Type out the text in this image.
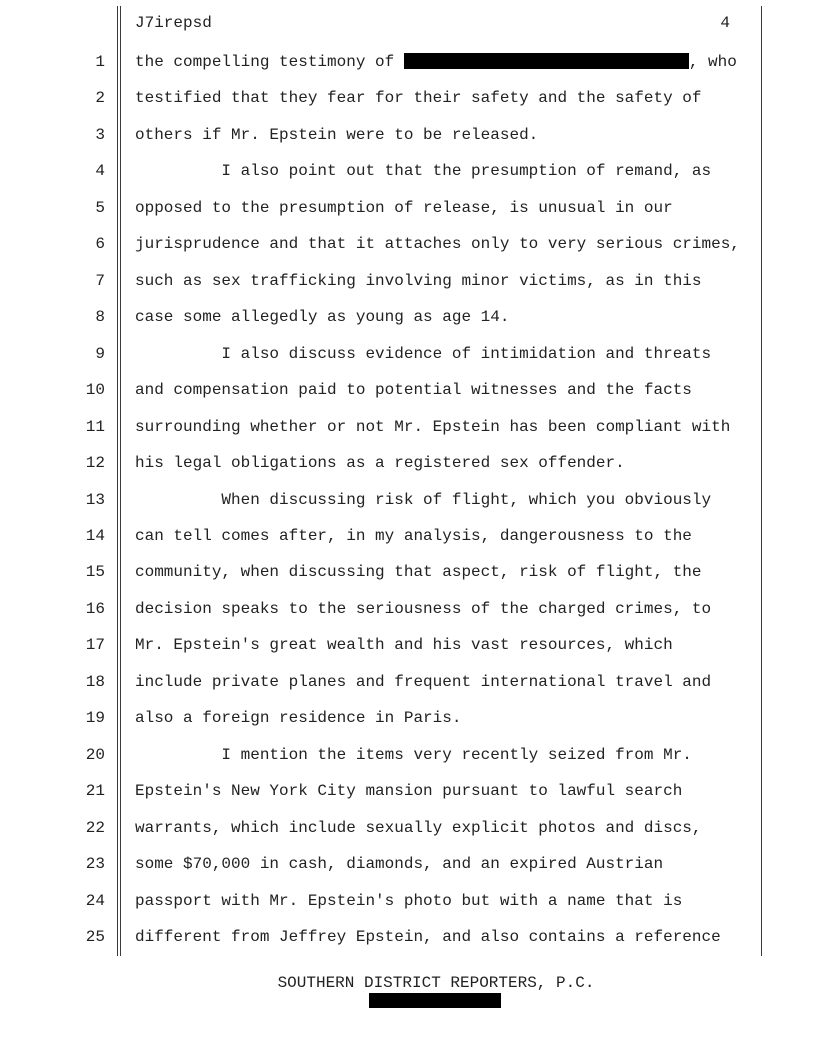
J7irepsd	4
1 the compelling testimony of	, who
2 testified that they fear for their safety and the safety of
3 others if Mr. Epstein were to be released.
4 I also point out that the presumption of remand, as
5 opposed to the presumption of release, is unusual in our
6 jurisprudence and that it attaches only to very serious crimes,
7 such as sex trafficking involving minor victims, as in this
8 case some allegedly as young as age 14.
9 I also discuss evidence of intimidation and threats
10 and compensation paid to potential witnesses and the facts
11 surrounding whether or not Mr. Epstein has been compliant with
12 his legal obligations as a registered sex offender.
13 When discussing risk of flight, which you obviously
14 can tell comes after, in my analysis, dangerousness to the
15 community, when discussing that aspect, risk of flight, the
16 decision speaks to the seriousness of the charged crimes, to
17 Mr. Epstein's great wealth and his vast resources, which
18 include private planes and frequent international travel and
19 also a foreign residence in Paris.
20 I mention the items very recently seized from Mr.
21 Epstein's New York City mansion pursuant to lawful search
22 warrants, which include sexually explicit photos and discs,
23 some $70,000 in cash, diamonds, and an expired Austrian
24 passport with Mr. Epstein's photo but with a name that is
25 different from Jeffrey Epstein, and also contains a reference
SOUTHERN DISTRICT REPORTERS, P.C.
